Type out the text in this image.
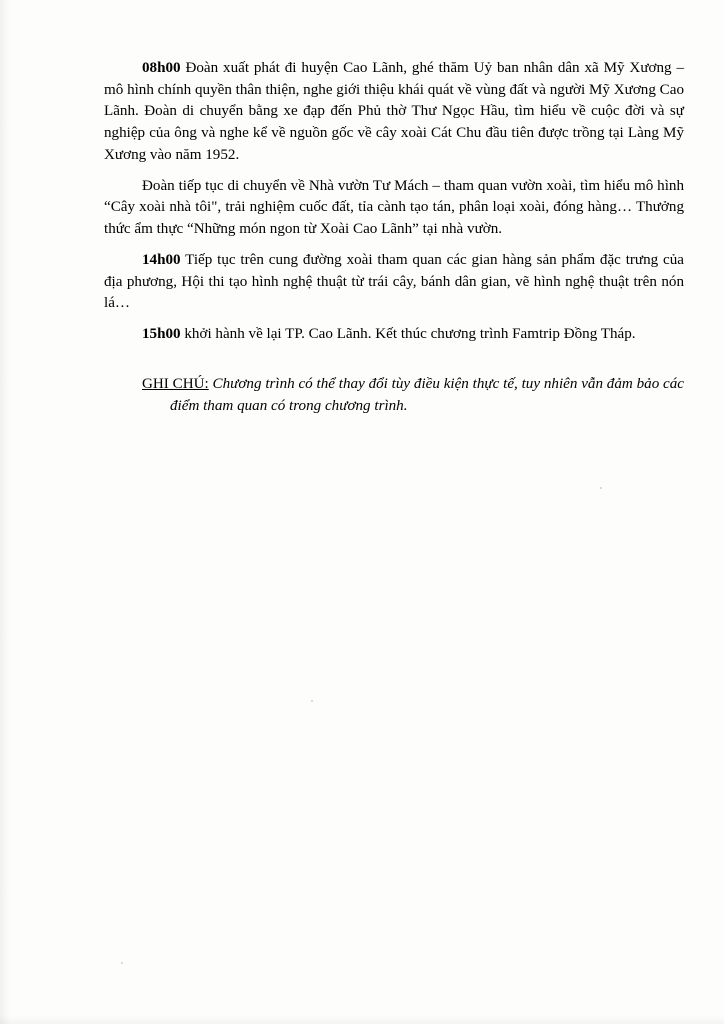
08h00 Đoàn xuất phát đi huyện Cao Lãnh, ghé thăm Uỷ ban nhân dân xã Mỹ Xương – mô hình chính quyền thân thiện, nghe giới thiệu khái quát về vùng đất và người Mỹ Xương Cao Lãnh. Đoàn di chuyển bằng xe đạp đến Phủ thờ Thư Ngọc Hầu, tìm hiểu về cuộc đời và sự nghiệp của ông và nghe kể về nguồn gốc về cây xoài Cát Chu đầu tiên được trồng tại Làng Mỹ Xương vào năm 1952.

Đoàn tiếp tục di chuyển về Nhà vườn Tư Mách – tham quan vườn xoài, tìm hiểu mô hình “Cây xoài nhà tôi", trải nghiệm cuốc đất, tỉa cành tạo tán, phân loại xoài, đóng hàng… Thưởng thức ẩm thực “Những món ngon từ Xoài Cao Lãnh” tại nhà vườn.

14h00 Tiếp tục trên cung đường xoài tham quan các gian hàng sản phẩm đặc trưng của địa phương, Hội thi tạo hình nghệ thuật từ trái cây, bánh dân gian, vẽ hình nghệ thuật trên nón lá…

15h00 khởi hành về lại TP. Cao Lãnh. Kết thúc chương trình Famtrip Đồng Tháp.

GHI CHÚ: Chương trình có thể thay đổi tùy điều kiện thực tế, tuy nhiên vẫn đảm bảo các điểm tham quan có trong chương trình.
